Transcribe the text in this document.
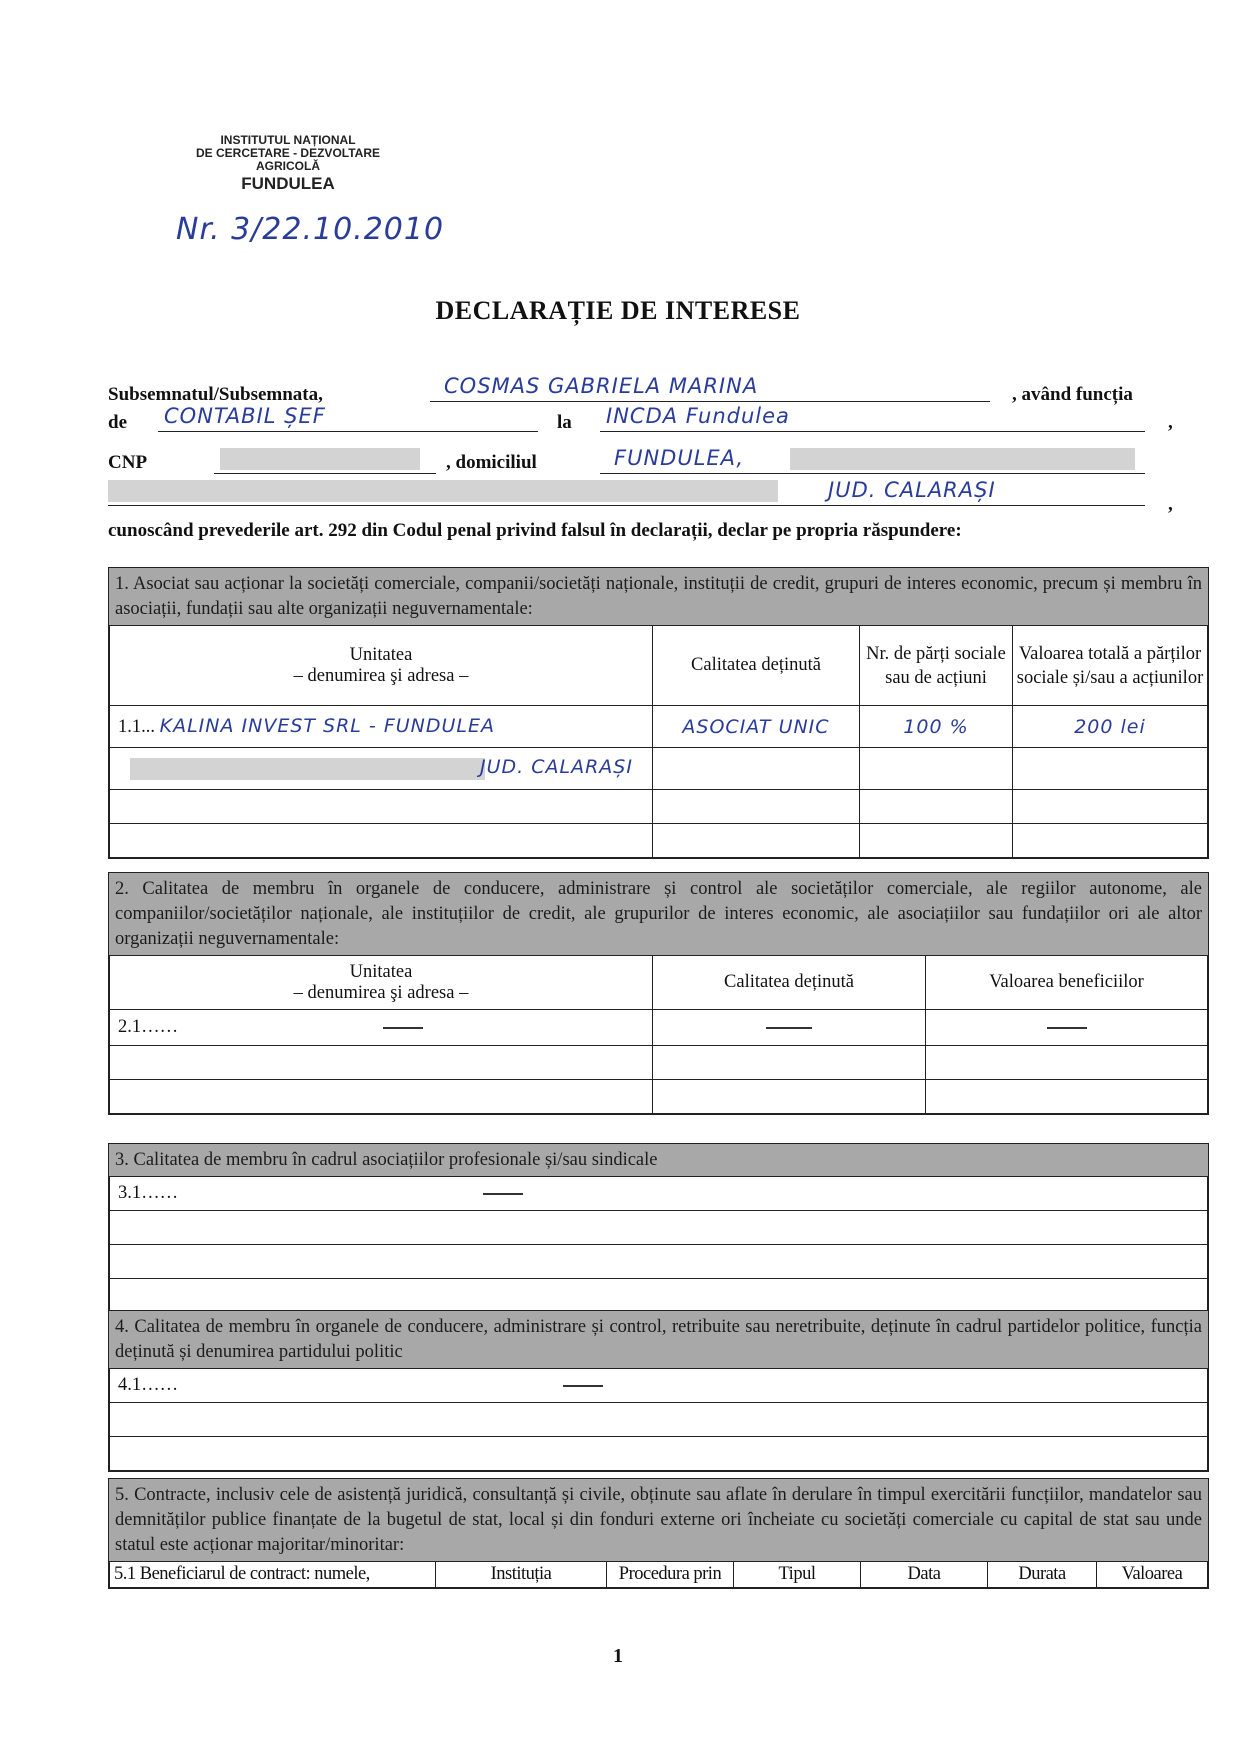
INSTITUTUL NAȚIONAL
DE CERCETARE - DEZVOLTARE
AGRICOLĂ
FUNDULEA
Nr. 3/22.10.2010
DECLARAȚIE DE INTERESE
Subsemnatul/Subsemnata,	COSMAS GABRIELA MARINA	, având funcția
de CONTABIL ȘEF	la INCDA Fundulea	,
CNP	, domiciliul	FUNDULEA,
JUD. CALARAȘI
,
cunoscând prevederile art. 292 din Codul penal privind falsul în declarații, declar pe propria răspundere:
1. Asociat sau acționar la societăți comerciale, companii/societăți naționale, instituții de credit, grupuri de interes economic, precum și membru în asociații, fundații sau alte organizații neguvernamentale:
Unitatea
– denumirea şi adresa –	Calitatea deținută	Nr. de părți sociale sau de acțiuni	Valoarea totală a părților sociale și/sau a acțiunilor
1.1... KALINA INVEST SRL - FUNDULEA	ASOCIAT UNIC	100 %	200 lei

JUD. CALARAȘI			

2. Calitatea de membru în organele de conducere, administrare și control ale societăților comerciale, ale regiilor autonome, ale companiilor/societăților naționale, ale instituțiilor de credit, ale grupurilor de interes economic, ale asociațiilor sau fundațiilor ori ale altor organizații neguvernamentale:
Unitatea
– denumirea şi adresa –	Calitatea deținută	Valoarea beneficiilor
2.1……		

3. Calitatea de membru în cadrul asociațiilor profesionale și/sau sindicale
3.1……

4. Calitatea de membru în organele de conducere, administrare și control, retribuite sau neretribuite, deținute în cadrul partidelor politice, funcția deținută și denumirea partidului politic
4.1……

5. Contracte, inclusiv cele de asistență juridică, consultanță și civile, obținute sau aflate în derulare în timpul exercitării funcțiilor, mandatelor sau demnităților publice finanțate de la bugetul de stat, local și din fonduri externe ori încheiate cu societăți comerciale cu capital de stat sau unde statul este acționar majoritar/minoritar:
5.1 Beneficiarul de contract: numele,	Instituția	Procedura prin	Tipul	Data	Durata	Valoarea
1
